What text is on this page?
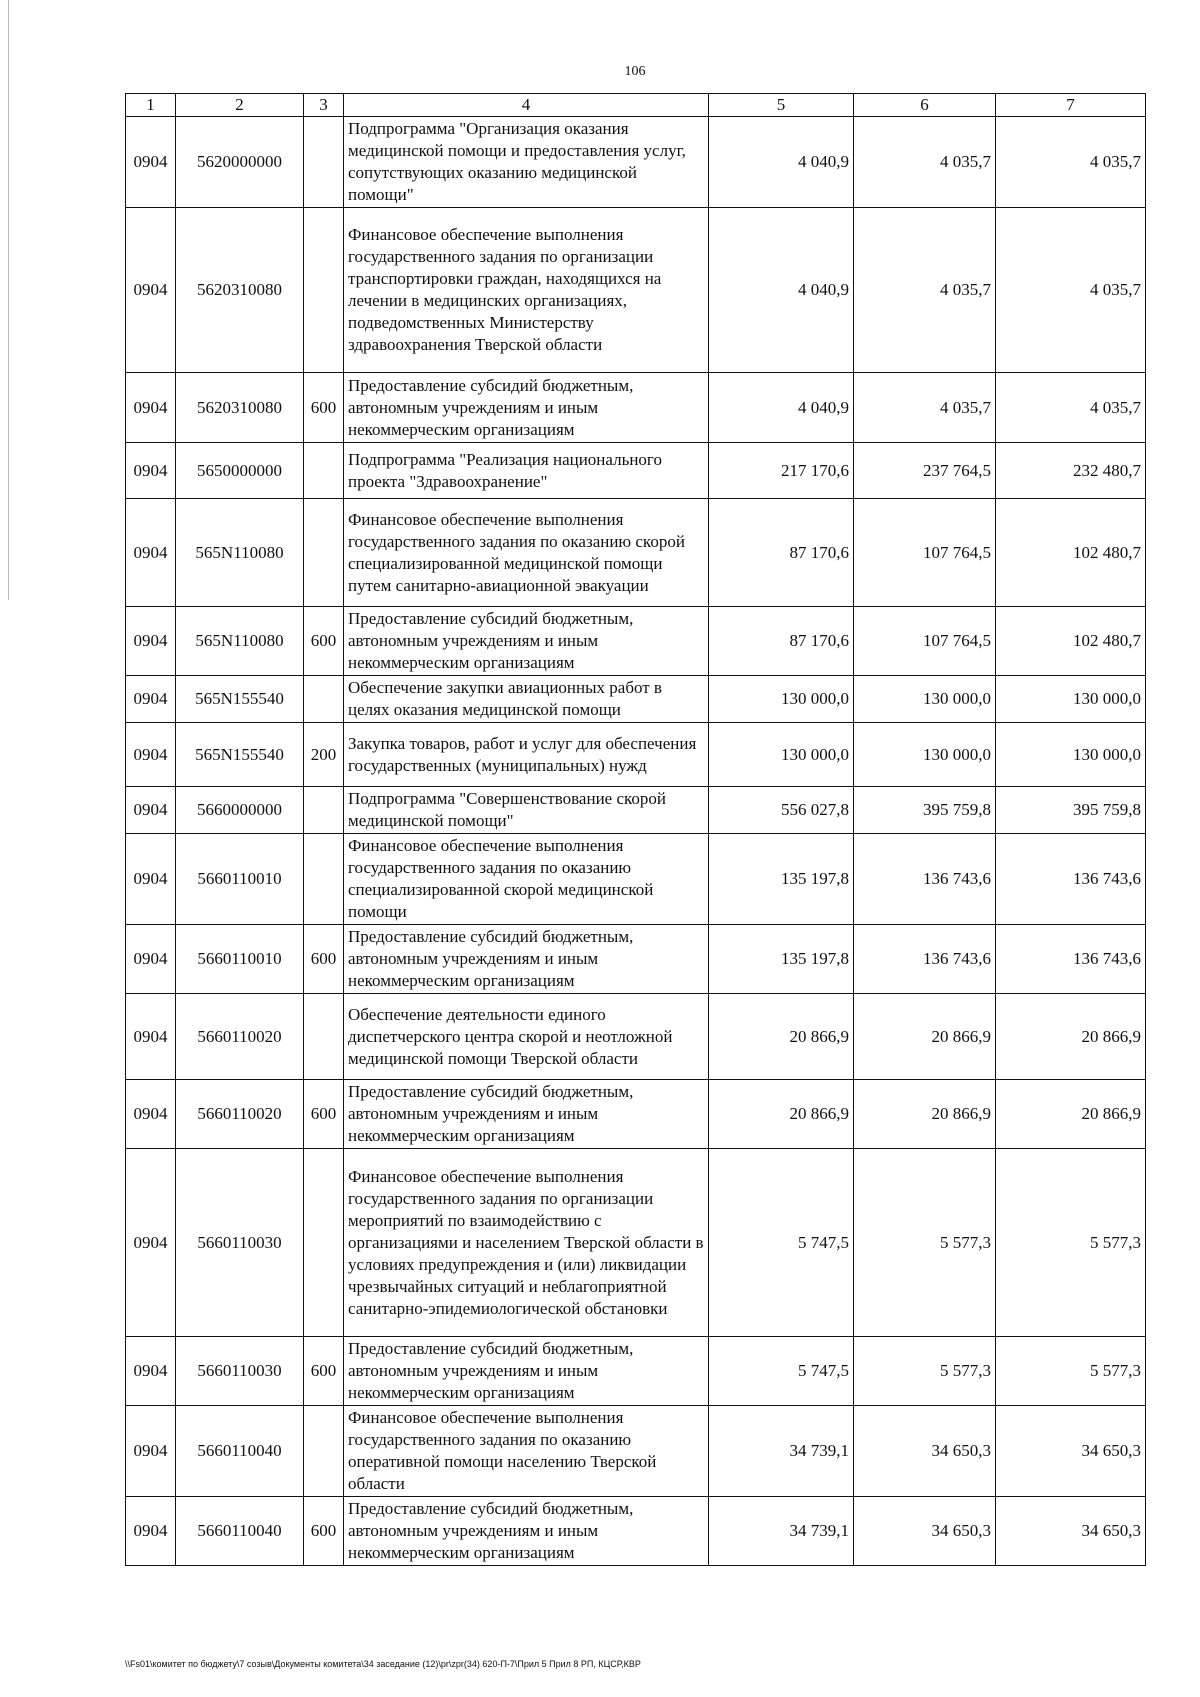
106
1	2	3	4	5	6	7
0904	5620000000		Подпрограмма "Организация оказания медицинской помощи и предоставления услуг, сопутствующих оказанию медицинской помощи"	4 040,9	4 035,7	4 035,7
0904	5620310080		Финансовое обеспечение выполнения государственного задания по организации транспортировки граждан, находящихся на лечении в медицинских организациях, подведомственных Министерству здравоохранения Тверской области	4 040,9	4 035,7	4 035,7
0904	5620310080	600	Предоставление субсидий бюджетным, автономным учреждениям и иным некоммерческим организациям	4 040,9	4 035,7	4 035,7
0904	5650000000		Подпрограмма "Реализация национального проекта "Здравоохранение"	217 170,6	237 764,5	232 480,7
0904	565N110080		Финансовое обеспечение выполнения государственного задания по оказанию скорой специализированной медицинской помощи путем санитарно-авиационной эвакуации	87 170,6	107 764,5	102 480,7
0904	565N110080	600	Предоставление субсидий бюджетным, автономным учреждениям и иным некоммерческим организациям	87 170,6	107 764,5	102 480,7
0904	565N155540		Обеспечение закупки авиационных работ в целях оказания медицинской помощи	130 000,0	130 000,0	130 000,0
0904	565N155540	200	Закупка товаров, работ и услуг для обеспечения государственных (муниципальных) нужд	130 000,0	130 000,0	130 000,0
0904	5660000000		Подпрограмма "Совершенствование скорой медицинской помощи"	556 027,8	395 759,8	395 759,8
0904	5660110010		Финансовое обеспечение выполнения государственного задания по оказанию специализированной скорой медицинской помощи	135 197,8	136 743,6	136 743,6
0904	5660110010	600	Предоставление субсидий бюджетным, автономным учреждениям и иным некоммерческим организациям	135 197,8	136 743,6	136 743,6
0904	5660110020		Обеспечение деятельности единого диспетчерского центра скорой и неотложной медицинской помощи Тверской области	20 866,9	20 866,9	20 866,9
0904	5660110020	600	Предоставление субсидий бюджетным, автономным учреждениям и иным некоммерческим организациям	20 866,9	20 866,9	20 866,9
0904	5660110030		Финансовое обеспечение выполнения государственного задания по организации мероприятий по взаимодействию с организациями и населением Тверской области в условиях предупреждения и (или) ликвидации чрезвычайных ситуаций и неблагоприятной санитарно-эпидемиологической обстановки	5 747,5	5 577,3	5 577,3
0904	5660110030	600	Предоставление субсидий бюджетным, автономным учреждениям и иным некоммерческим организациям	5 747,5	5 577,3	5 577,3
0904	5660110040		Финансовое обеспечение выполнения государственного задания по оказанию оперативной помощи населению Тверской области	34 739,1	34 650,3	34 650,3
0904	5660110040	600	Предоставление субсидий бюджетным, автономным учреждениям и иным некоммерческим организациям	34 739,1	34 650,3	34 650,3
\\Fs01\комитет по бюджету\7 созыв\Документы комитета\34 заседание (12)\pr\zpr(34) 620-П-7\Прил 5 Прил 8 РП, КЦСР,КВР
